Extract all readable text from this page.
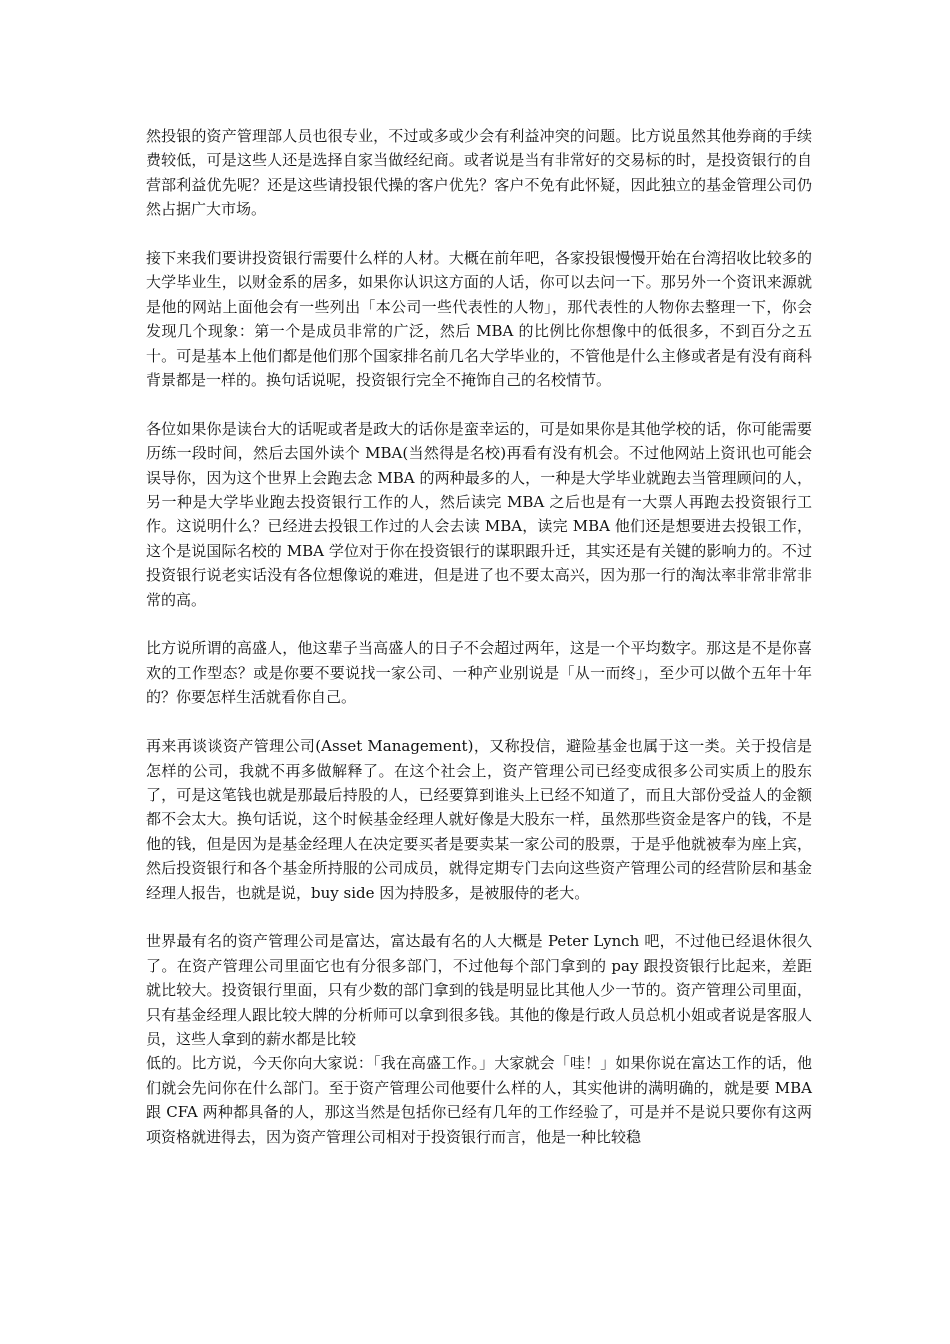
然投银的资产管理部人员也很专业，不过或多或少会有利益冲突的问题。比方说虽然其他券商的手续费较低，可是这些人还是选择自家当做经纪商。或者说是当有非常好的交易标的时，是投资银行的自营部利益优先呢？还是这些请投银代操的客户优先？客户不免有此怀疑，因此独立的基金管理公司仍然占据广大市场。

接下来我们要讲投资银行需要什么样的人材。大概在前年吧，各家投银慢慢开始在台湾招收比较多的大学毕业生，以财金系的居多，如果你认识这方面的人话，你可以去问一下。那另外一个资讯来源就是他的网站上面他会有一些列出「本公司一些代表性的人物」，那代表性的人物你去整理一下，你会发现几个现象：第一个是成员非常的广泛，然后 MBA 的比例比你想像中的低很多，不到百分之五十。可是基本上他们都是他们那个国家排名前几名大学毕业的，不管他是什么主修或者是有没有商科背景都是一样的。换句话说呢，投资银行完全不掩饰自己的名校情节。

各位如果你是读台大的话呢或者是政大的话你是蛮幸运的，可是如果你是其他学校的话，你可能需要历练一段时间，然后去国外读个 MBA(当然得是名校)再看有没有机会。不过他网站上资讯也可能会误导你，因为这个世界上会跑去念 MBA 的两种最多的人，一种是大学毕业就跑去当管理顾问的人，另一种是大学毕业跑去投资银行工作的人，然后读完 MBA 之后也是有一大票人再跑去投资银行工作。这说明什么？已经进去投银工作过的人会去读 MBA，读完 MBA 他们还是想要进去投银工作，这个是说国际名校的 MBA 学位对于你在投资银行的谋职跟升迁，其实还是有关键的影响力的。不过投资银行说老实话没有各位想像说的难进，但是进了也不要太高兴，因为那一行的淘汰率非常非常非常的高。

比方说所谓的高盛人，他这辈子当高盛人的日子不会超过两年，这是一个平均数字。那这是不是你喜欢的工作型态？或是你要不要说找一家公司、一种产业别说是「从一而终」，至少可以做个五年十年的？你要怎样生活就看你自己。

再来再谈谈资产管理公司(Asset Management)，又称投信，避险基金也属于这一类。关于投信是怎样的公司，我就不再多做解释了。在这个社会上，资产管理公司已经变成很多公司实质上的股东了，可是这笔钱也就是那最后持股的人，已经要算到谁头上已经不知道了，而且大部份受益人的金额都不会太大。换句话说，这个时候基金经理人就好像是大股东一样，虽然那些资金是客户的钱，不是他的钱，但是因为是基金经理人在决定要买者是要卖某一家公司的股票，于是乎他就被奉为座上宾，然后投资银行和各个基金所持服的公司成员，就得定期专门去向这些资产管理公司的经营阶层和基金经理人报告，也就是说，buy side 因为持股多，是被服侍的老大。

世界最有名的资产管理公司是富达，富达最有名的人大概是 Peter Lynch 吧，不过他已经退休很久了。在资产管理公司里面它也有分很多部门，不过他每个部门拿到的 pay 跟投资银行比起来，差距就比较大。投资银行里面，只有少数的部门拿到的钱是明显比其他人少一节的。资产管理公司里面，只有基金经理人跟比较大牌的分析师可以拿到很多钱。其他的像是行政人员总机小姐或者说是客服人员，这些人拿到的薪水都是比较

低的。比方说，今天你向大家说：「我在高盛工作。」大家就会「哇！」如果你说在富达工作的话，他们就会先问你在什么部门。至于资产管理公司他要什么样的人，其实他讲的满明确的，就是要 MBA 跟 CFA 两种都具备的人，那这当然是包括你已经有几年的工作经验了，可是并不是说只要你有这两项资格就进得去，因为资产管理公司相对于投资银行而言，他是一种比较稳
